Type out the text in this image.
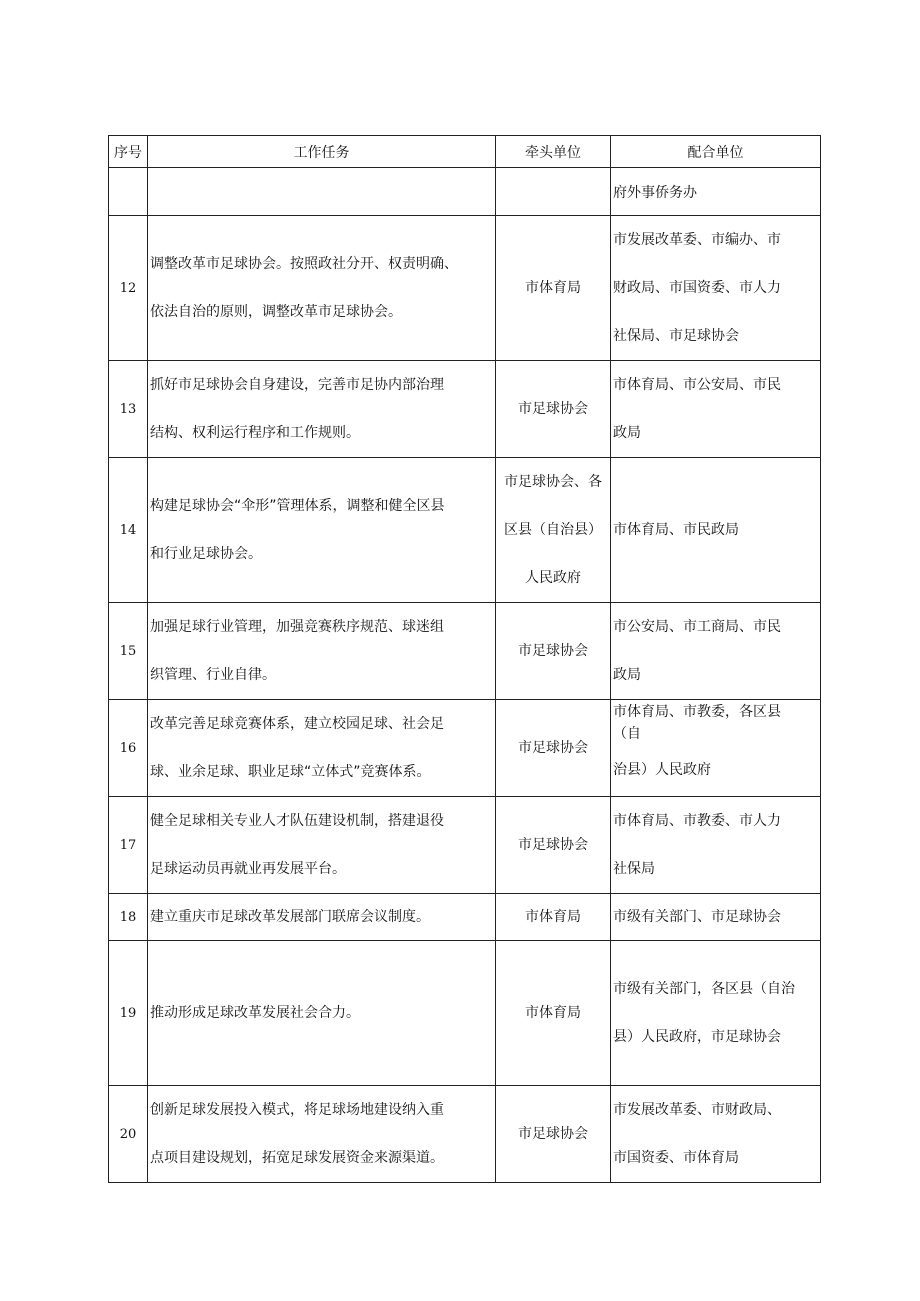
序号	工作任务	牵头单位	配合单位
			府外事侨务办
12	调整改革市足球协会。按照政社分开、权责明确、
依法自治的原则，调整改革市足球协会。	市体育局	市发展改革委、市编办、市
财政局、市国资委、市人力
社保局、市足球协会

13	抓好市足球协会自身建设，完善市足协内部治理
结构、权利运行程序和工作规则。	市足球协会	市体育局、市公安局、市民
政局

14	构建足球协会“伞形”管理体系，调整和健全区县
和行业足球协会。	市足球协会、各
区县（自治县）
人民政府	市体育局、市民政局

15	加强足球行业管理，加强竞赛秩序规范、球迷组
织管理、行业自律。	市足球协会	市公安局、市工商局、市民
政局

16	改革完善足球竞赛体系，建立校园足球、社会足
球、业余足球、职业足球“立体式”竞赛体系。	市足球协会	市体育局、市教委，各区县
（自
治县）人民政府

17	健全足球相关专业人才队伍建设机制，搭建退役
足球运动员再就业再发展平台。	市足球协会	市体育局、市教委、市人力
社保局

18	建立重庆市足球改革发展部门联席会议制度。	市体育局	市级有关部门、市足球协会

19	推动形成足球改革发展社会合力。	市体育局	市级有关部门，各区县（自治
县）人民政府，市足球协会

20	创新足球发展投入模式，将足球场地建设纳入重
点项目建设规划，拓宽足球发展资金来源渠道。	市足球协会	市发展改革委、市财政局、
市国资委、市体育局
